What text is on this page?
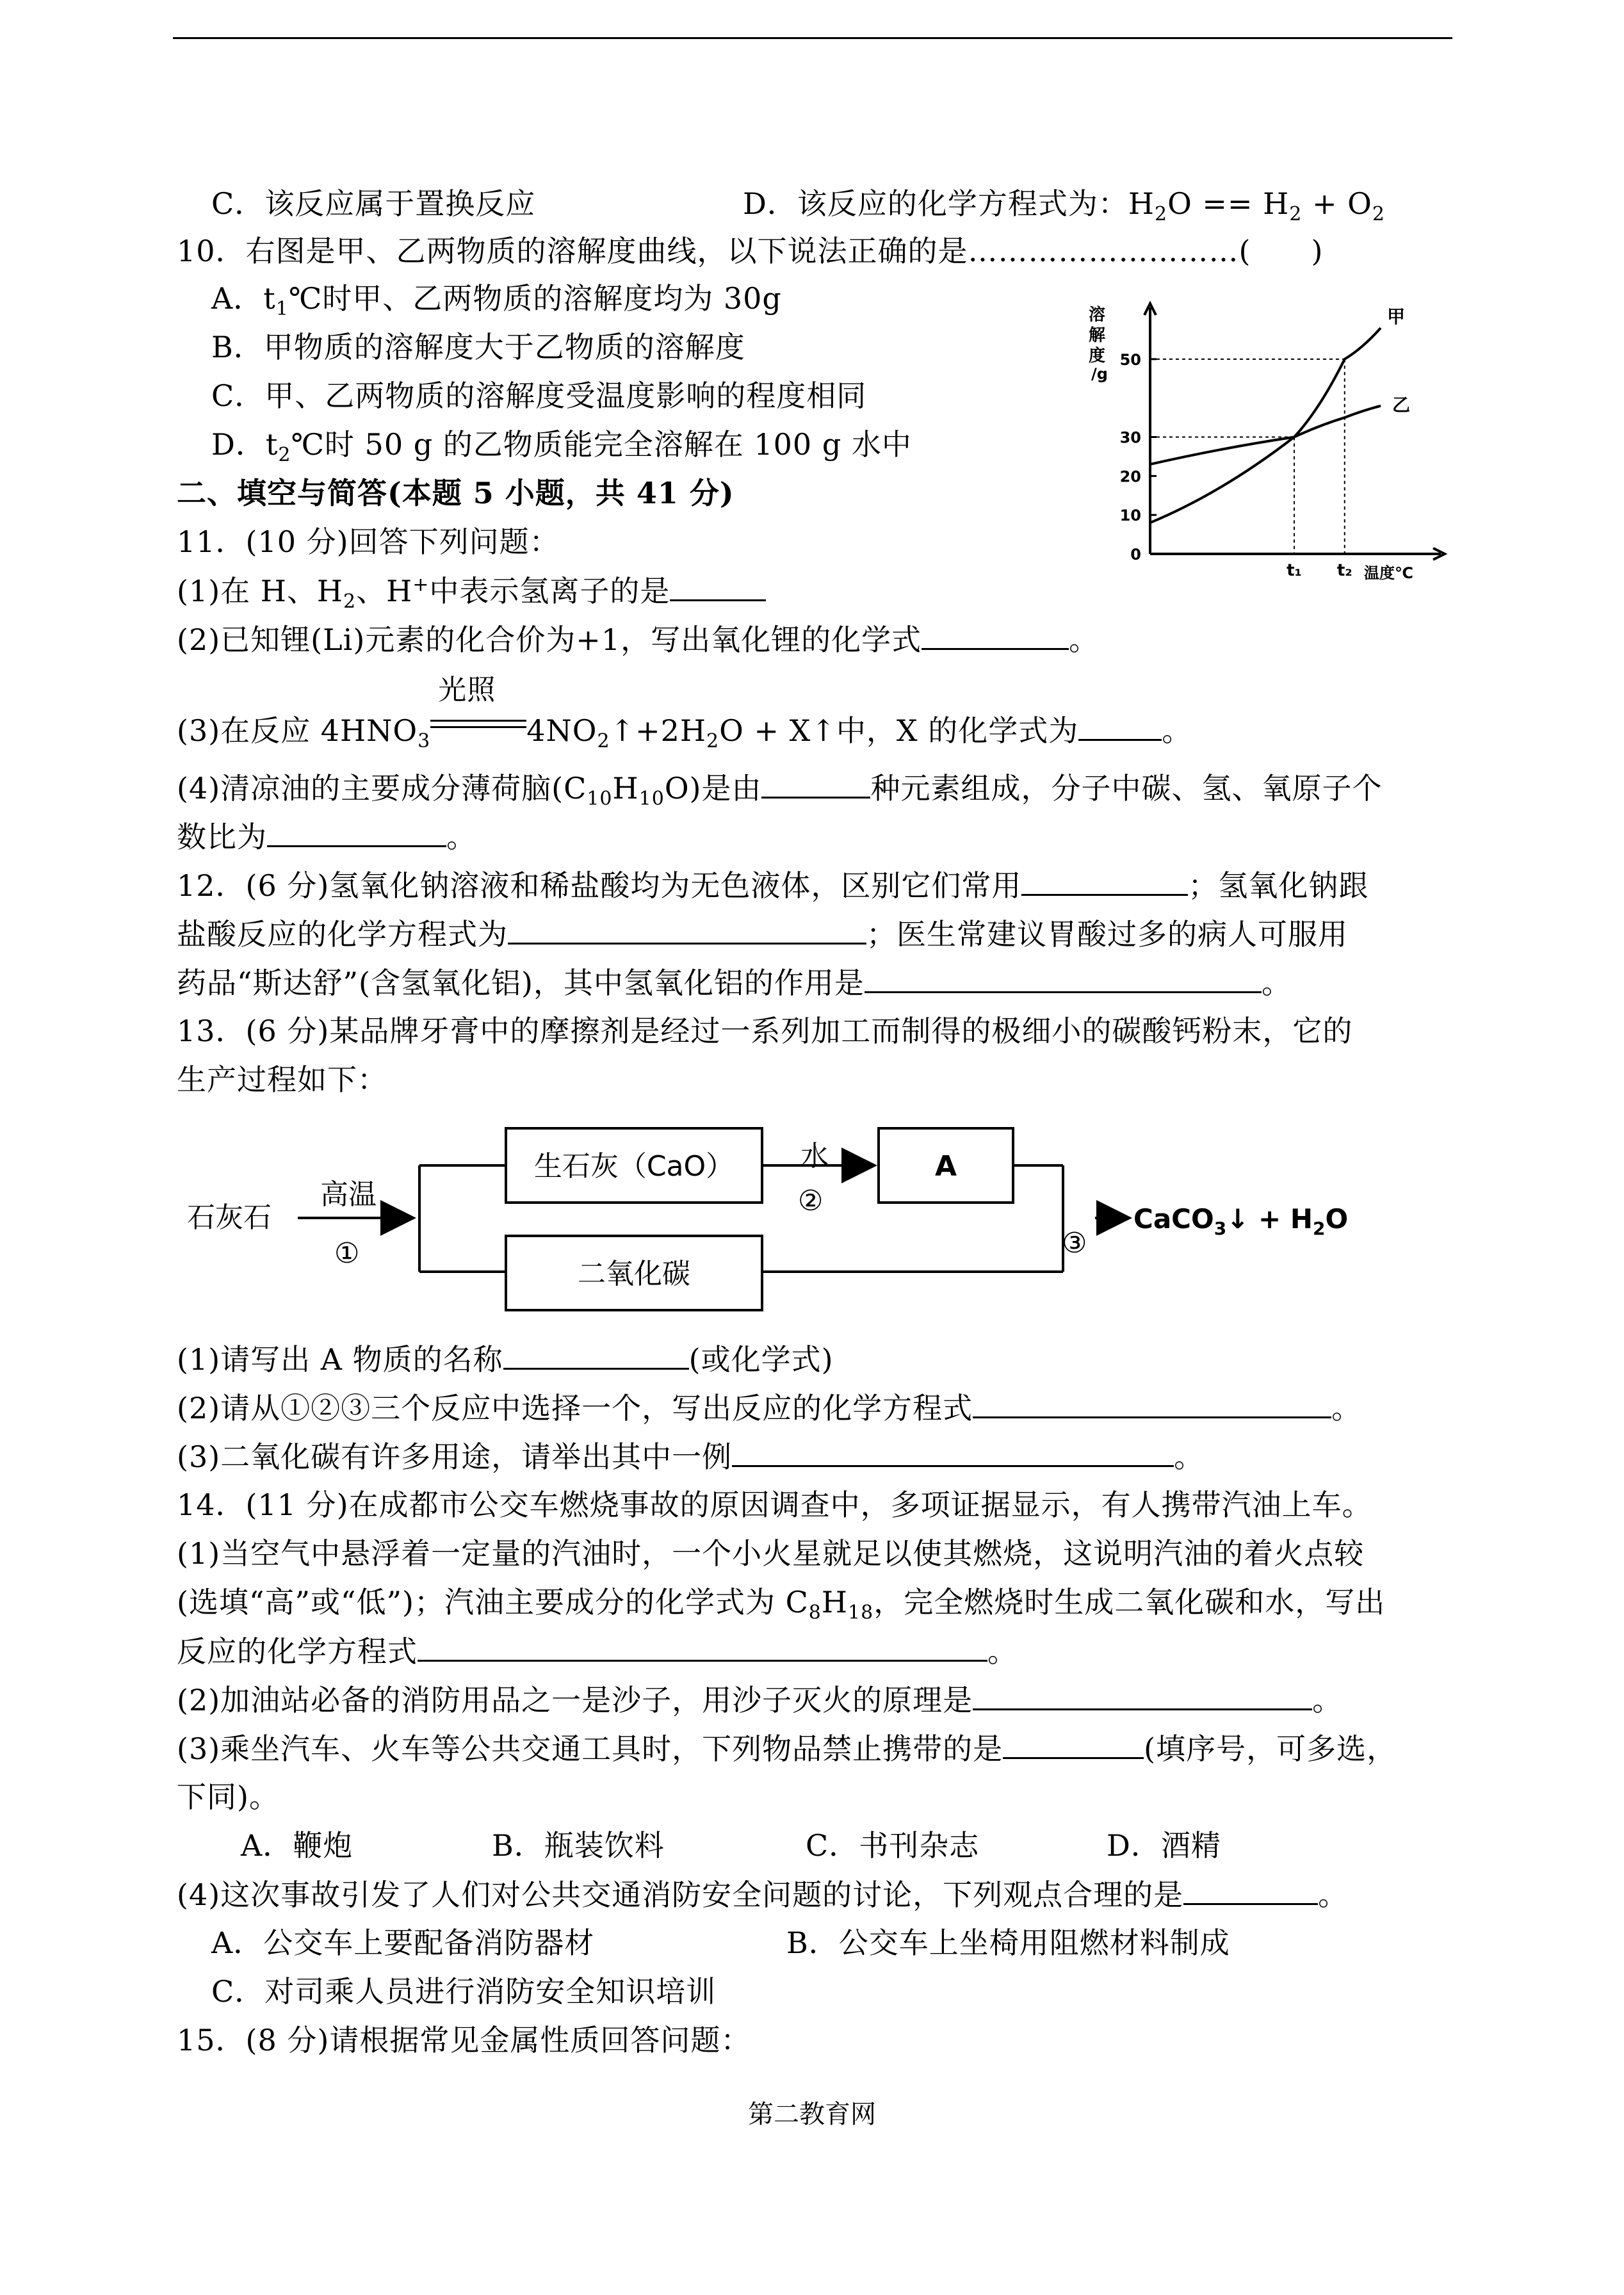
C．该反应属于置换反应	D．该反应的化学方程式为：$H_2O == H_2 + O_2$
10．右图是甲、乙两物质的溶解度曲线，以下说法正确的是………………………(　　)
A．$t_1℃$时甲、乙两物质的溶解度均为 30g
B．甲物质的溶解度大于乙物质的溶解度
C．甲、乙两物质的溶解度受温度影响的程度相同
D．$t_2℃$时 50 g 的乙物质能完全溶解在 100 g 水中
溶
解
度
/g
0
10
20
30
50
t₁ t₂ 温度℃
甲
乙
二、填空与简答(本题 5 小题，共 41 分)
11．(10 分)回答下列问题：
(1)在 H、$H_2$、H+中表示氢离子的是
(2)已知锂(Li)元素的化合价为+1，写出氧化锂的化学式	。
(3)在反应 $4HNO_3$
光照
$4NO_2↑+2H_2O$ + X↑中，X 的化学式为	。
(4)清凉油的主要成分薄荷脑$(C_{10}H_{10}O)$是由	种元素组成，分子中碳、氢、氧原子个
数比为	。
12．(6 分)氢氧化钠溶液和稀盐酸均为无色液体，区别它们常用	；氢氧化钠跟
盐酸反应的化学方程式为	；医生常建议胃酸过多的病人可服用
药品“斯达舒”(含氢氧化铝)，其中氢氧化铝的作用是	。
13．(6 分)某品牌牙膏中的摩擦剂是经过一系列加工而制得的极细小的碳酸钙粉末，它的
生产过程如下：
石灰石
高温
①
水
②
③
生石灰（CaO）	A
二氧化碳
CaCO$_3$↓ + $H_2O$
(1)请写出 A 物质的名称	(或化学式)
(2)请从①②③三个反应中选择一个，写出反应的化学方程式	。
(3)二氧化碳有许多用途，请举出其中一例	。
14．(11 分)在成都市公交车燃烧事故的原因调查中，多项证据显示，有人携带汽油上车。
(1)当空气中悬浮着一定量的汽油时，一个小火星就足以使其燃烧，这说明汽油的着火点较
(选填“高”或“低”)；汽油主要成分的化学式为 $C_8H_{18}$，完全燃烧时生成二氧化碳和水，写出
反应的化学方程式	。
(2)加油站必备的消防用品之一是沙子，用沙子灭火的原理是	。
(3)乘坐汽车、火车等公共交通工具时，下列物品禁止携带的是	(填序号，可多选，
下同)。
A．鞭炮	B．瓶装饮料	C．书刊杂志	D．酒精
(4)这次事故引发了人们对公共交通消防安全问题的讨论，下列观点合理的是	。
A．公交车上要配备消防器材	B．公交车上坐椅用阻燃材料制成
C．对司乘人员进行消防安全知识培训
15．(8 分)请根据常见金属性质回答问题：
第二教育网
